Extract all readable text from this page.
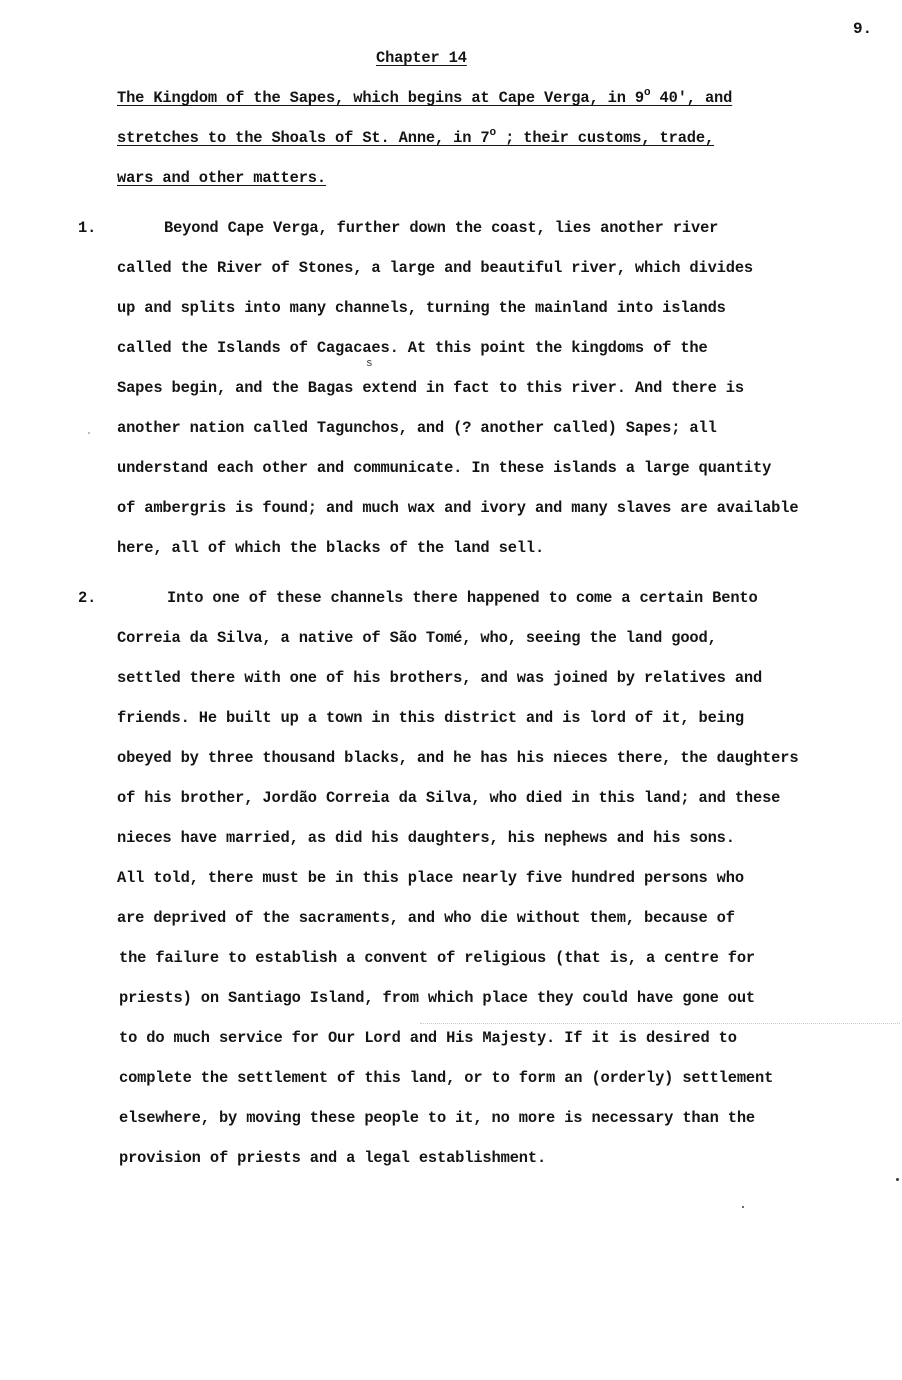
9.
Chapter 14
The Kingdom of the Sapes, which begins at Cape Verga, in 9$^o$ 40', and
stretches to the Shoals of St. Anne, in 7$^o$ ; their customs, trade,
wars and other matters.
1.	Beyond Cape Verga, further down the coast, lies another river
called the River of Stones, a large and beautiful river, which divides
up and splits into many channels, turning the mainland into islands
called the Islands of Cagacaes. At this point the kingdoms of the
s
Sapes begin, and the Bagas extend in fact to this river. And there is
another nation called Tagunchos, and (? another called) Sapes; all
understand each other and communicate. In these islands a large quantity
of ambergris is found; and much wax and ivory and many slaves are available
here, all of which the blacks of the land sell.
2.	Into one of these channels there happened to come a certain Bento
Correia da Silva, a native of São Tomé, who, seeing the land good,
settled there with one of his brothers, and was joined by relatives and
friends. He built up a town in this district and is lord of it, being
obeyed by three thousand blacks, and he has his nieces there, the daughters
of his brother, Jordão Correia da Silva, who died in this land; and these
nieces have married, as did his daughters, his nephews and his sons.
All told, there must be in this place nearly five hundred persons who
are deprived of the sacraments, and who die without them, because of
the failure to establish a convent of religious (that is, a centre for
priests) on Santiago Island, from which place they could have gone out
to do much service for Our Lord and His Majesty. If it is desired to
complete the settlement of this land, or to form an (orderly) settlement
elsewhere, by moving these people to it, no more is necessary than the
provision of priests and a legal establishment.
